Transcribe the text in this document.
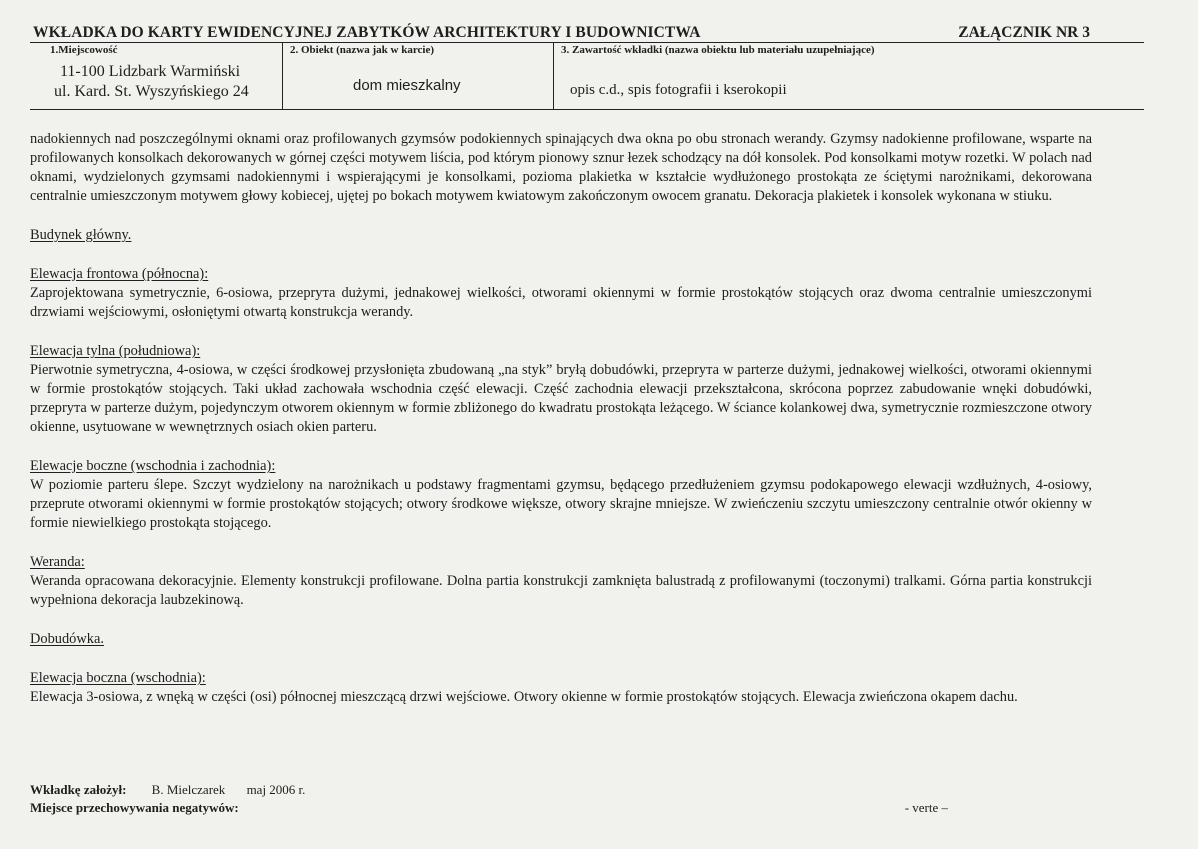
WKŁADKA DO KARTY EWIDENCYJNEJ ZABYTKÓW ARCHITEKTURY I BUDOWNICTWA	ZAŁĄCZNIK NR 3
1.Miejscowość
11-100 Lidzbark Warmiński
ul. Kard. St. Wyszyńskiego 24
2. Obiekt (nazwa jak w karcie)
dom mieszkalny
3. Zawartość wkładki (nazwa obiektu lub materiału uzupełniające)
opis c.d., spis fotografii i kserokopii

nadokiennych nad poszczególnymi oknami oraz profilowanych gzymsów podokiennych spinających dwa okna po obu stronach werandy. Gzymsy nadokienne profilowane, wsparte na profilowanych konsolkach dekorowanych w górnej części motywem liścia, pod którym pionowy sznur łezek schodzący na dół konsolek. Pod konsolkami motyw rozetki. W polach nad oknami, wydzielonych gzymsami nadokiennymi i wspierającymi je konsolkami, pozioma plakietka w kształcie wydłużonego prostokąta ze ściętymi narożnikami, dekorowana centralnie umieszczonym motywem głowy kobiecej, ujętej po bokach motywem kwiatowym zakończonym owocem granatu. Dekoracja plakietek i konsolek wykonana w stiuku.

Budynek główny.

Elewacja frontowa (północna):

Zaprojektowana symetrycznie, 6-osiowa, przeprута dużymi, jednakowej wielkości, otworami okiennymi w formie prostokątów stojących oraz dwoma centralnie umieszczonymi drzwiami wejściowymi, osłoniętymi otwartą konstrukcja werandy.

Elewacja tylna (południowa):

Pierwotnie symetryczna, 4-osiowa, w części środkowej przysłonięta zbudowaną „na styk” bryłą dobudówki, przeprута w parterze dużymi, jednakowej wielkości, otworami okiennymi w formie prostokątów stojących. Taki układ zachowała wschodnia część elewacji. Część zachodnia elewacji przekształcona, skrócona poprzez zabudowanie wnęki dobudówki, przeprута w parterze dużym, pojedynczym otworem okiennym w formie zbliżonego do kwadratu prostokąta leżącego. W ściance kolankowej dwa, symetrycznie rozmieszczone otwory okienne, usytuowane w wewnętrznych osiach okien parteru.

Elewacje boczne (wschodnia i zachodnia):

W poziomie parteru ślepe. Szczyt wydzielony na narożnikach u podstawy fragmentami gzymsu, będącego przedłużeniem gzymsu podokapowego elewacji wzdłużnych, 4-osiowy, przeprute otworami okiennymi w formie prostokątów stojących; otwory środkowe większe, otwory skrajne mniejsze. W zwieńczeniu szczytu umieszczony centralnie otwór okienny w formie niewielkiego prostokąta stojącego.

Weranda:

Weranda opracowana dekoracyjnie. Elementy konstrukcji profilowane. Dolna partia konstrukcji zamknięta balustradą z profilowanymi (toczonymi) tralkami. Górna partia konstrukcji wypełniona dekoracja laubzekinową.

Dobudówka.

Elewacja boczna (wschodnia):

Elewacja 3-osiowa, z wnęką w części (osi) północnej mieszczącą drzwi wejściowe. Otwory okienne w formie prostokątów stojących. Elewacja zwieńczona okapem dachu.

Wkładkę założył: B. Mielczarek maj 2006 r.
Miejsce przechowywania negatywów:	- verte –
